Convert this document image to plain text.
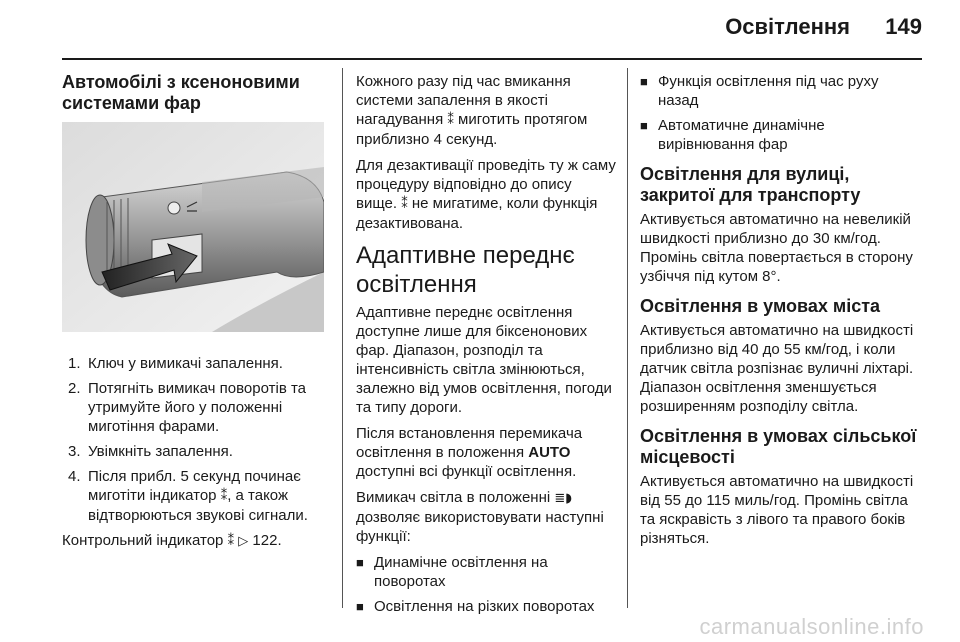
Освітлення 149
Автомобілі з ксеноновими системами фар
1. Ключ у вимикачі запалення.
2. Потягніть вимикач поворотів та утримуйте його у положенні миготіння фарами.
3. Увімкніть запалення.
4. Після прибл. 5 секунд починає миготіти індикатор ⁑, а також відтворюються звукові сигнали.

Контрольний індикатор ⁑ ▷ 122.

Кожного разу під час вмикання системи запалення в якості нагадування ⁑ миготить протягом приблизно 4 секунд.

Для дезактивації проведіть ту ж саму процедуру відповідно до опису вище. ⁑ не мигатиме, коли функція дезактивована.

Адаптивне переднє освітлення

Адаптивне переднє освітлення доступне лише для біксенонових фар. Діапазон, розподіл та інтенсивність світла змінюються, залежно від умов освітлення, погоди та типу дороги.

Після встановлення перемикача освітлення в положення AUTO доступні всі функції освітлення.

Вимикач світла в положенні ≣◗ дозволяє використовувати наступні функції:

■ Динамічне освітлення на поворотах
■ Освітлення на різких поворотах
■ Функція освітлення під час руху назад
■ Автоматичне динамічне вирівнювання фар
Освітлення для вулиці, закритої для транспорту

Активується автоматично на невеликій швидкості приблизно до 30 км/год. Промінь світла повертається в сторону узбіччя під кутом 8°.

Освітлення в умовах міста

Активується автоматично на швидкості приблизно від 40 до 55 км/год, і коли датчик світла розпізнає вуличні ліхтарі. Діапазон освітлення зменшується розширенням розподілу світла.

Освітлення в умовах сільської місцевості

Активується автоматично на швидкості від 55 до 115 миль/год. Промінь світла та яскравість з лівого та правого боків різняться.

carmanualsonline.info
